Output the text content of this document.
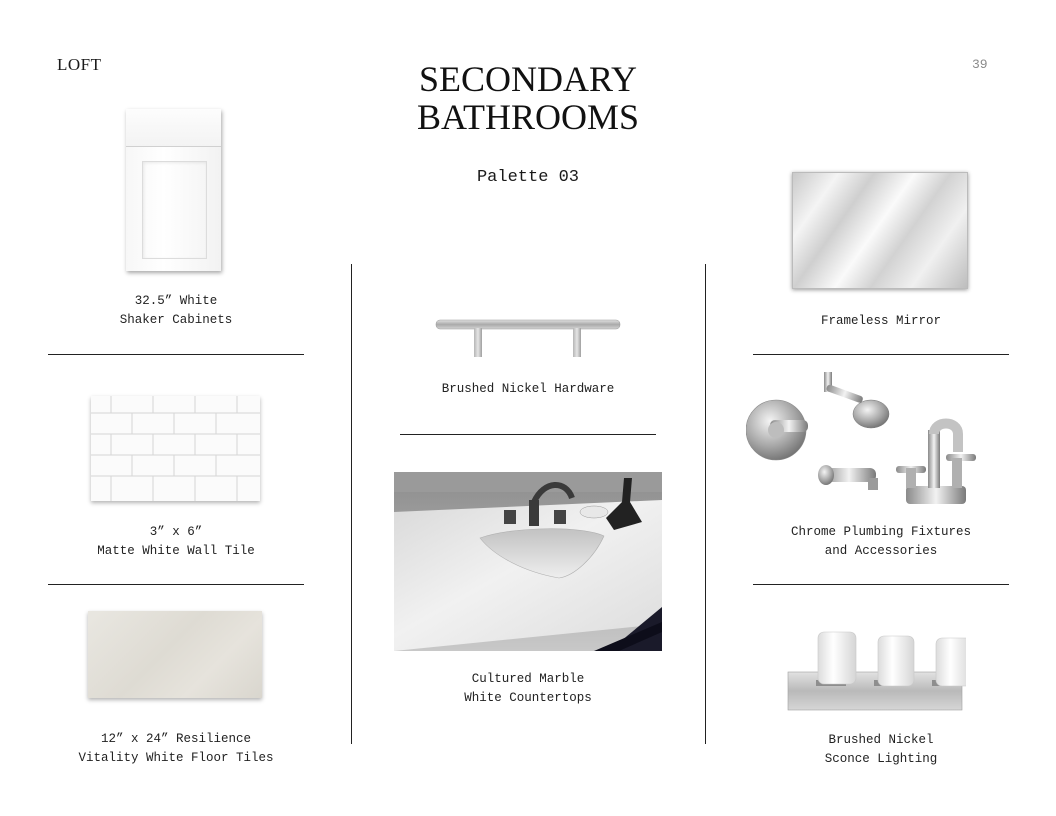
LOFT	39
SECONDARY
BATHROOMS
Palette 03
32.5” White
Shaker Cabinets
3” x 6”
Matte White Wall Tile
12” x 24” Resilience
Vitality White Floor Tiles
Brushed Nickel Hardware
Cultured Marble
White Countertops
Frameless Mirror
Chrome Plumbing Fixtures
and Accessories
Brushed Nickel
Sconce Lighting
